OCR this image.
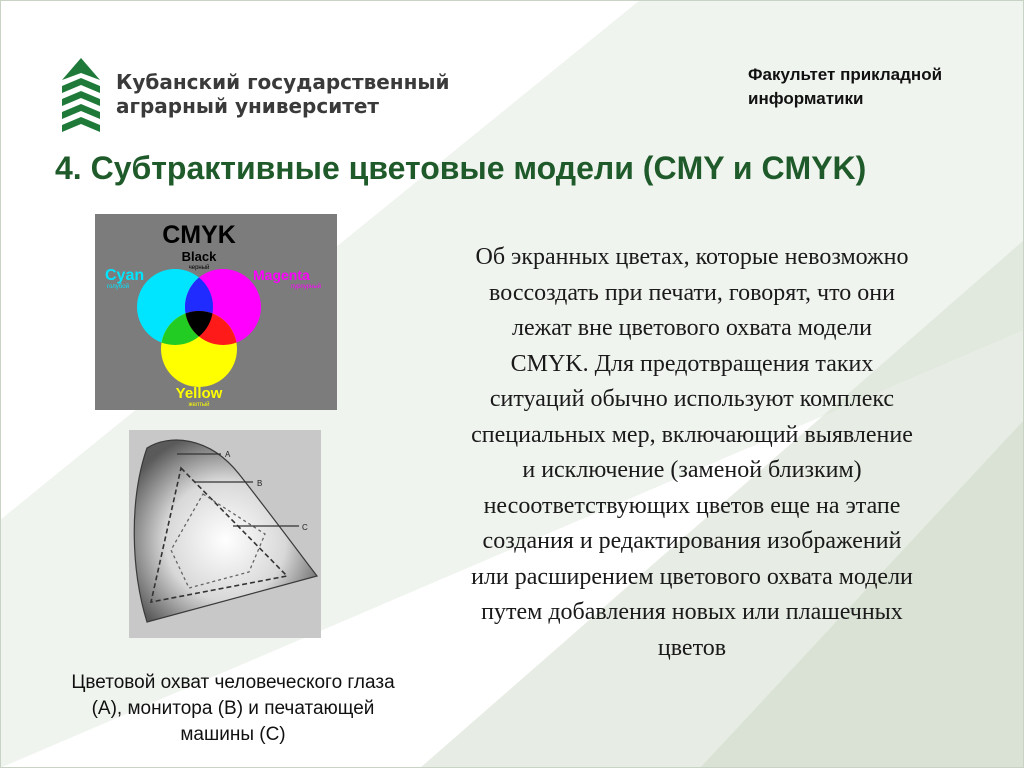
Кубанский государственный
аграрный университет
Факультет прикладной
информатики
4. Субтрактивные цветовые модели (CMY и CMYK)
CMYK
Black
черный
Cyan
голубой
Magenta
пурпурный
Yellow
желтый
A
B
C
Об экранных цветах, которые невозможно
воссоздать при печати, говорят, что они
лежат вне цветового охвата модели
CMYK. Для предотвращения таких
ситуаций обычно используют комплекс
специальных мер, включающий выявление
и исключение (заменой близким)
несоответствующих цветов еще на этапе
создания и редактирования изображений
или расширением цветового охвата модели
путем добавления новых или плашечных
цветов
Цветовой охват человеческого глаза
(А), монитора (В) и печатающей
машины (С)
